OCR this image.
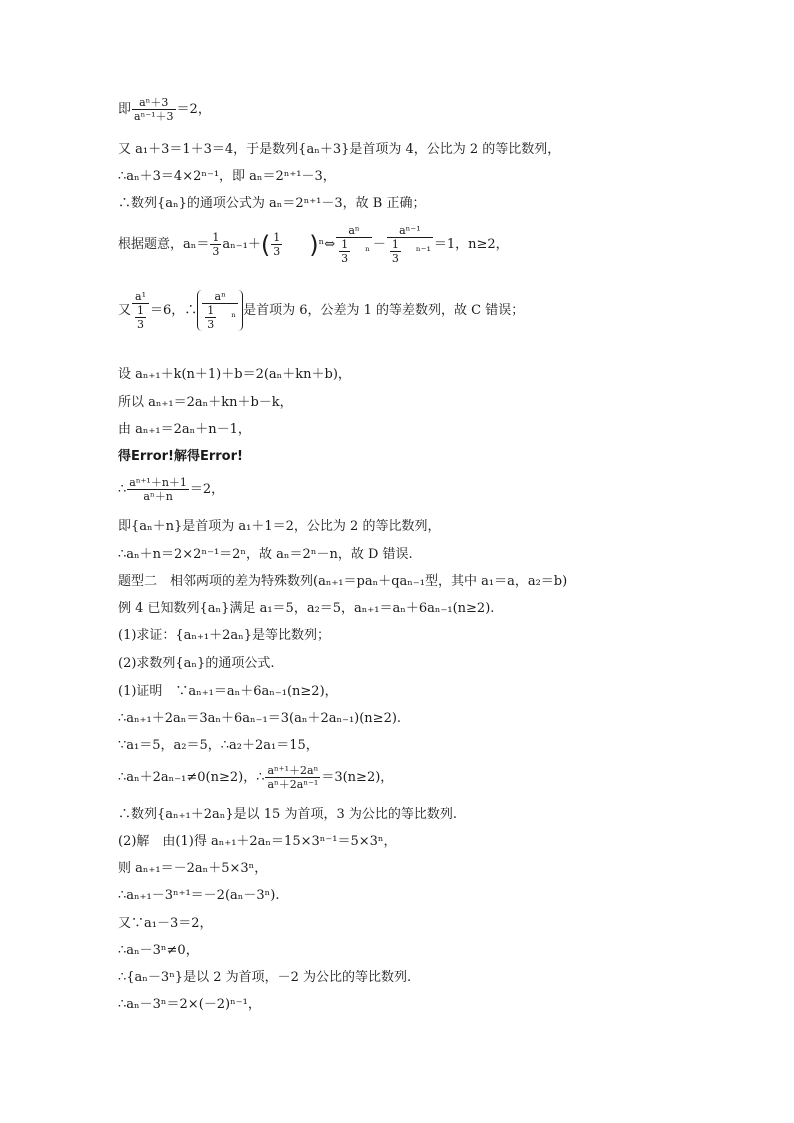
即 $\frac{\text{aⁿ＋3}}{\text{aⁿ⁻¹＋3}} =2$，
又 a₁＋3＝1＋3＝4，于是数列{aₙ＋3}是首项为 4，公比为 2 的等比数列，
∴aₙ＋3＝4×2ⁿ⁻¹，即 aₙ＝2ⁿ⁺¹－3，
∴数列{aₙ}的通项公式为 aₙ＝2ⁿ⁺¹－3，故 B 正确；
根据题意，$a_n= \frac{1}{3} a_{n-1}+( \frac{1}{3}$ )ⁿ⇔ $\frac{\text{aⁿ}}{\frac{1}{3} ^n} - \frac{\text{aⁿ⁻¹}}{\frac{1}{3} ^{n-1}} =1$，n≥2，
又 $\frac{\text{a¹}}{\frac{1}{3}} =6$，∴ $\frac{\text{aⁿ}}{\frac{1}{3} ^n}$ 是首项为 6，公差为 1 的等差数列，故 C 错误；
设 aₙ₊₁＋k(n＋1)＋b＝2(aₙ＋kn＋b)，
所以 aₙ₊₁＝2aₙ＋kn＋b－k，
由 aₙ₊₁＝2aₙ＋n－1，
得Error!解得Error!
∴ $\frac{\text{aⁿ⁺¹＋n＋1}}{\text{aⁿ＋n}} =2$，
即{aₙ＋n}是首项为 a₁＋1＝2，公比为 2 的等比数列，
∴aₙ＋n＝2×2ⁿ⁻¹＝2ⁿ，故 aₙ＝2ⁿ－n，故 D 错误.
题型二　相邻两项的差为特殊数列(aₙ₊₁＝paₙ＋qaₙ₋₁型，其中 a₁＝a，a₂＝b)
例 4 已知数列{aₙ}满足 a₁＝5，a₂＝5，aₙ₊₁＝aₙ＋6aₙ₋₁(n≥2).
(1)求证：{aₙ₊₁＋2aₙ}是等比数列；
(2)求数列{aₙ}的通项公式.
(1)证明　∵aₙ₊₁＝aₙ＋6aₙ₋₁(n≥2)，
∴aₙ₊₁＋2aₙ＝3aₙ＋6aₙ₋₁＝3(aₙ＋2aₙ₋₁)(n≥2).
∵a₁＝5，a₂＝5，∴a₂＋2a₁＝15，
∴aₙ＋2aₙ₋₁≠0(n≥2)，∴ $\frac{\text{aⁿ⁺¹＋2aⁿ}}{\text{aⁿ＋2aⁿ⁻¹}} =3(n\ge 2)$，
∴数列{aₙ₊₁＋2aₙ}是以 15 为首项，3 为公比的等比数列.
(2)解　由(1)得 aₙ₊₁＋2aₙ＝15×3ⁿ⁻¹＝5×3ⁿ，
则 aₙ₊₁＝－2aₙ＋5×3ⁿ，
∴aₙ₊₁－3ⁿ⁺¹＝－2(aₙ－3ⁿ).
又∵a₁－3＝2，
∴aₙ－3ⁿ≠0，
∴{aₙ－3ⁿ}是以 2 为首项，－2 为公比的等比数列.
∴aₙ－3ⁿ＝2×(－2)ⁿ⁻¹，
